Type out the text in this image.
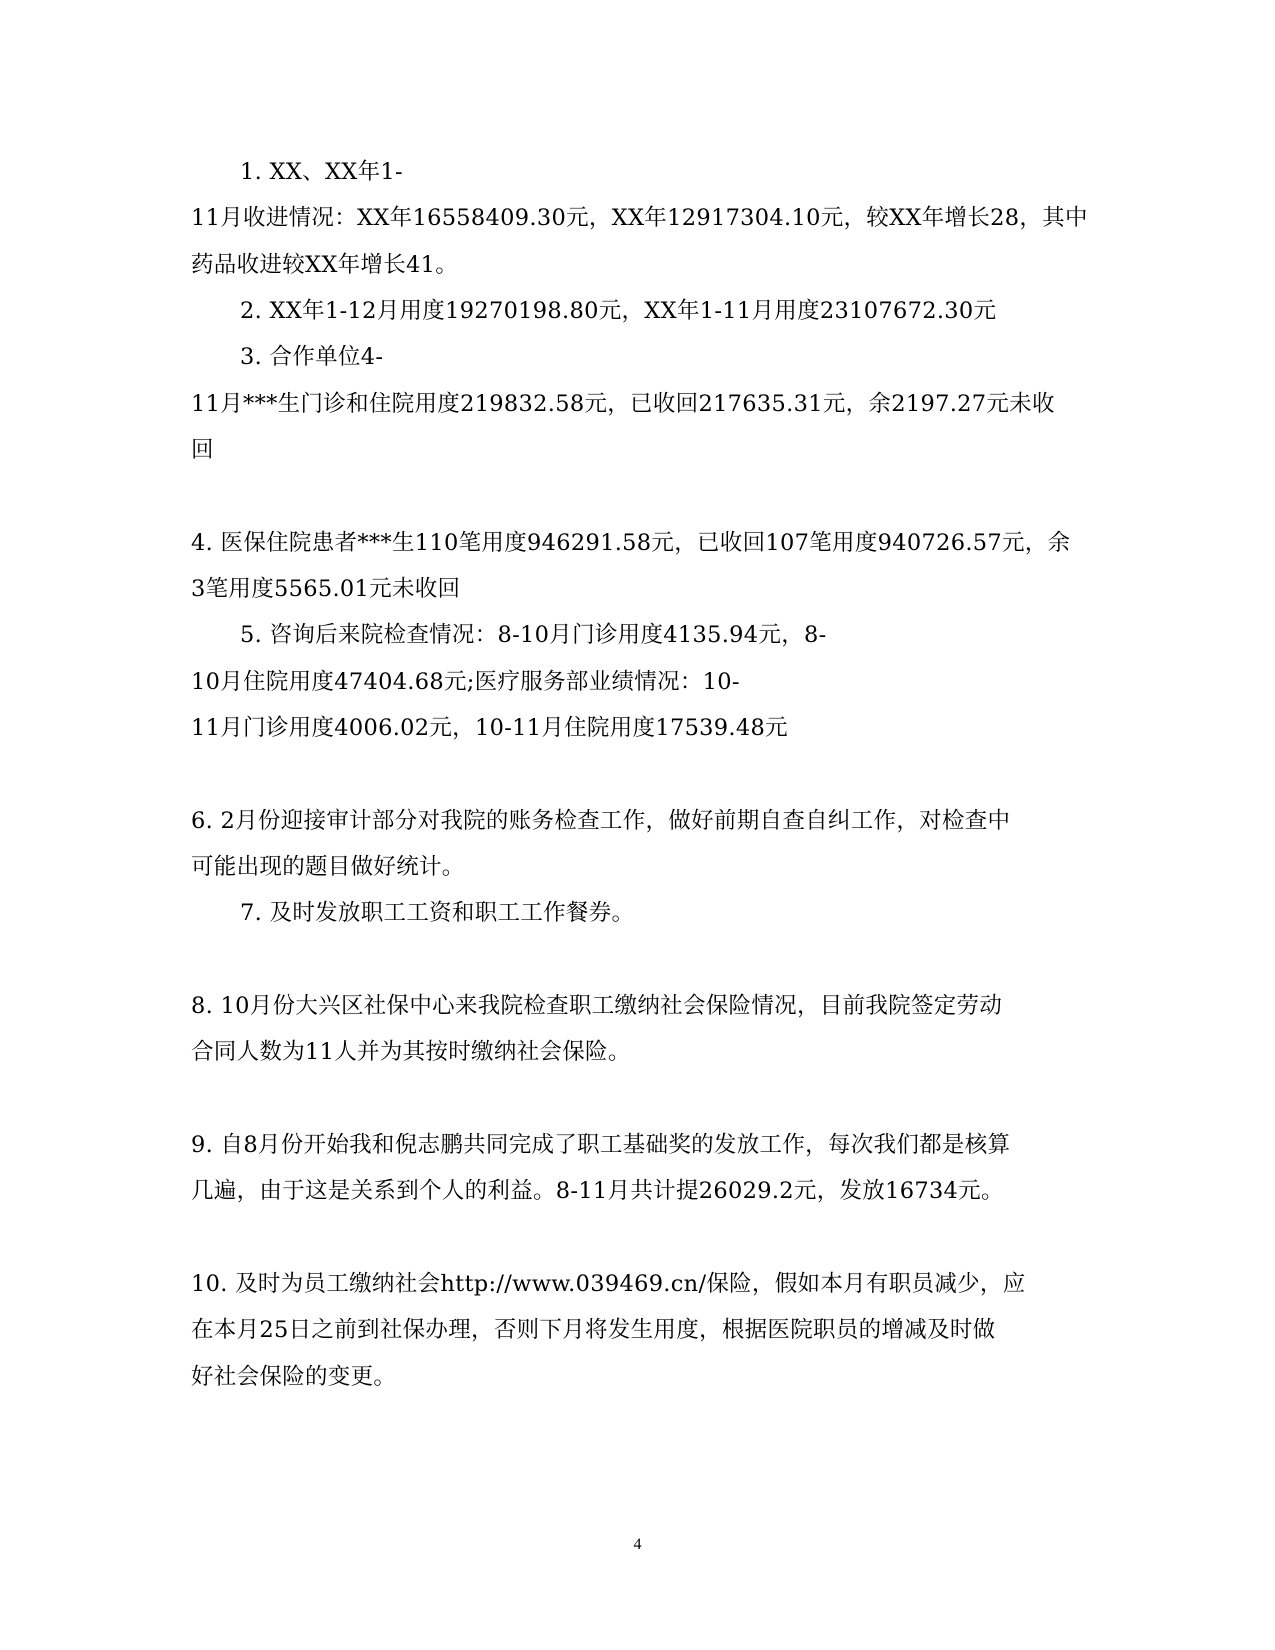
1. XX、XX年1-
11月收进情况：XX年16558409.30元，XX年12917304.10元，较XX年增长28，其中
药品收进较XX年增长41。
2. XX年1-12月用度19270198.80元，XX年1-11月用度23107672.30元
3. 合作单位4-
11月***生门诊和住院用度219832.58元，已收回217635.31元，余2197.27元未收
回
4. 医保住院患者***生110笔用度946291.58元，已收回107笔用度940726.57元，余
3笔用度5565.01元未收回
5. 咨询后来院检查情况：8-10月门诊用度4135.94元，8-
10月住院用度47404.68元;医疗服务部业绩情况：10-
11月门诊用度4006.02元，10-11月住院用度17539.48元
6. 2月份迎接审计部分对我院的账务检查工作，做好前期自查自纠工作，对检查中
可能出现的题目做好统计。
7. 及时发放职工工资和职工工作餐券。
8. 10月份大兴区社保中心来我院检查职工缴纳社会保险情况，目前我院签定劳动
合同人数为11人并为其按时缴纳社会保险。
9. 自8月份开始我和倪志鹏共同完成了职工基础奖的发放工作，每次我们都是核算
几遍，由于这是关系到个人的利益。8-11月共计提26029.2元，发放16734元。
10. 及时为员工缴纳社会http://www.039469.cn/保险，假如本月有职员减少，应
在本月25日之前到社保办理，否则下月将发生用度，根据医院职员的增减及时做
好社会保险的变更。
4
